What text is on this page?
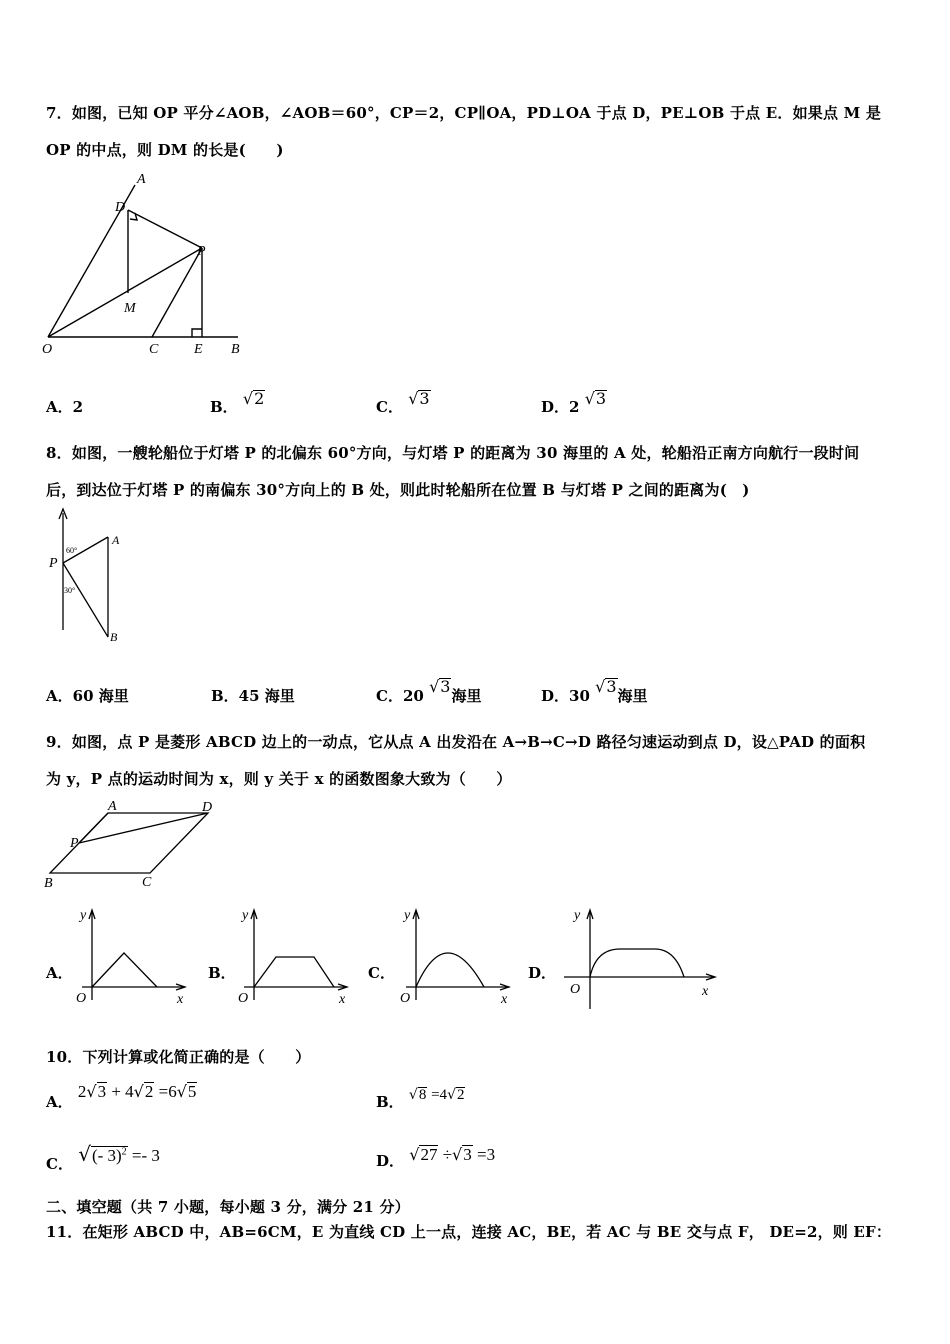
7．如图，已知 OP 平分∠AOB，∠AOB＝60°，CP＝2，CP∥OA，PD⊥OA 于点 D，PE⊥OB 于点 E．如果点 M 是
OP 的中点，则 DM 的长是(　　)
A
D
P
M
O	C	E B
A．2	B． √2	C． √3	D．2 √3
8．如图，一艘轮船位于灯塔 P 的北偏东 60°方向，与灯塔 P 的距离为 30 海里的 A 处，轮船沿正南方向航行一段时间
后，到达位于灯塔 P 的南偏东 30°方向上的 B 处，则此时轮船所在位置 B 与灯塔 P 之间的距离为(　)
P
A
B
60°
30°
A．60 海里	B．45 海里	C．20 √3海里	D．30 √3海里
9．如图，点 P 是菱形 ABCD 边上的一动点，它从点 A 出发沿在 A→B→C→D 路径匀速运动到点 D，设△PAD 的面积
为 y，P 点的运动时间为 x，则 y 关于 x 的函数图象大致为（　　）
A	D
P
B	C
A．
y
x
O
B．
y
x
O
C．
y
x
O
D．
y
x
O
10．下列计算或化简正确的是（　　）
A． 2√3 + 4√2 =6√5
B． √8 =4√2
C． √(- 3)$^2$ =- 3	D． √27 ÷√3 =3
二、填空题（共 7 小题，每小题 3 分，满分 21 分）
11．在矩形 ABCD 中，AB=6CM，E 为直线 CD 上一点，连接 AC，BE，若 AC 与 BE 交与点 F， DE=2，则 EF：
